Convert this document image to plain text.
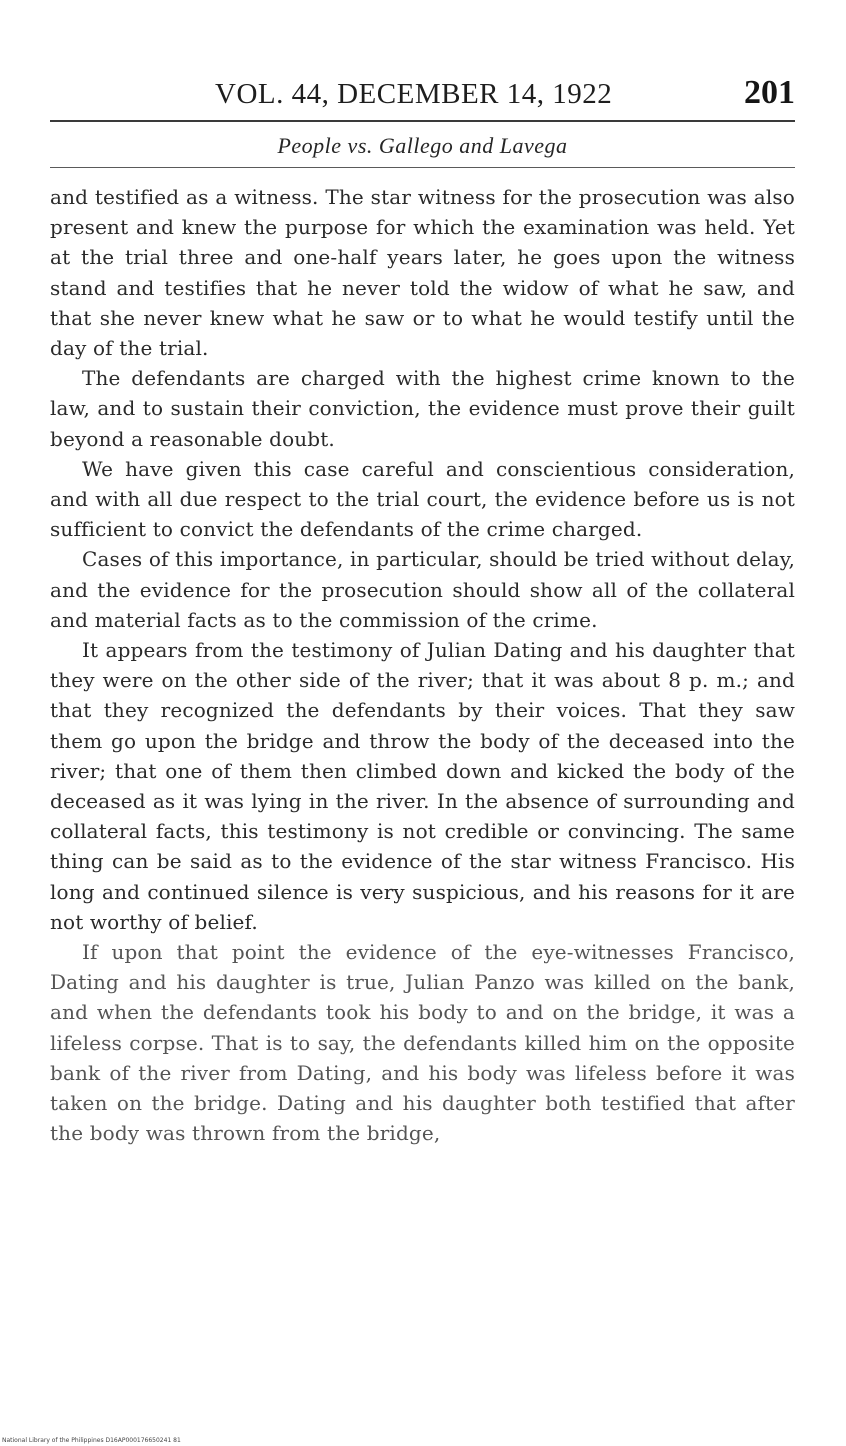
VOL. 44, DECEMBER 14, 1922	201
People vs. Gallego and Lavega

and testified as a witness. The star witness for the prosecution was also present and knew the purpose for which the examination was held. Yet at the trial three and one-half years later, he goes upon the witness stand and testifies that he never told the widow of what he saw, and that she never knew what he saw or to what he would testify until the day of the trial.

The defendants are charged with the highest crime known to the law, and to sustain their conviction, the evidence must prove their guilt beyond a reasonable doubt.

We have given this case careful and conscientious consideration, and with all due respect to the trial court, the evidence before us is not sufficient to convict the defendants of the crime charged.

Cases of this importance, in particular, should be tried without delay, and the evidence for the prosecution should show all of the collateral and material facts as to the commission of the crime.

It appears from the testimony of Julian Dating and his daughter that they were on the other side of the river; that it was about 8 p. m.; and that they recognized the defendants by their voices. That they saw them go upon the bridge and throw the body of the deceased into the river; that one of them then climbed down and kicked the body of the deceased as it was lying in the river. In the absence of surrounding and collateral facts, this testimony is not credible or convincing. The same thing can be said as to the evidence of the star witness Francisco. His long and continued silence is very suspicious, and his reasons for it are not worthy of belief.

If upon that point the evidence of the eye-witnesses Francisco, Dating and his daughter is true, Julian Panzo was killed on the bank, and when the defendants took his body to and on the bridge, it was a lifeless corpse. That is to say, the defendants killed him on the opposite bank of the river from Dating, and his body was lifeless before it was taken on the bridge. Dating and his daughter both testified that after the body was thrown from the bridge,

National Library of the Philippines D16AP000176650241 81
